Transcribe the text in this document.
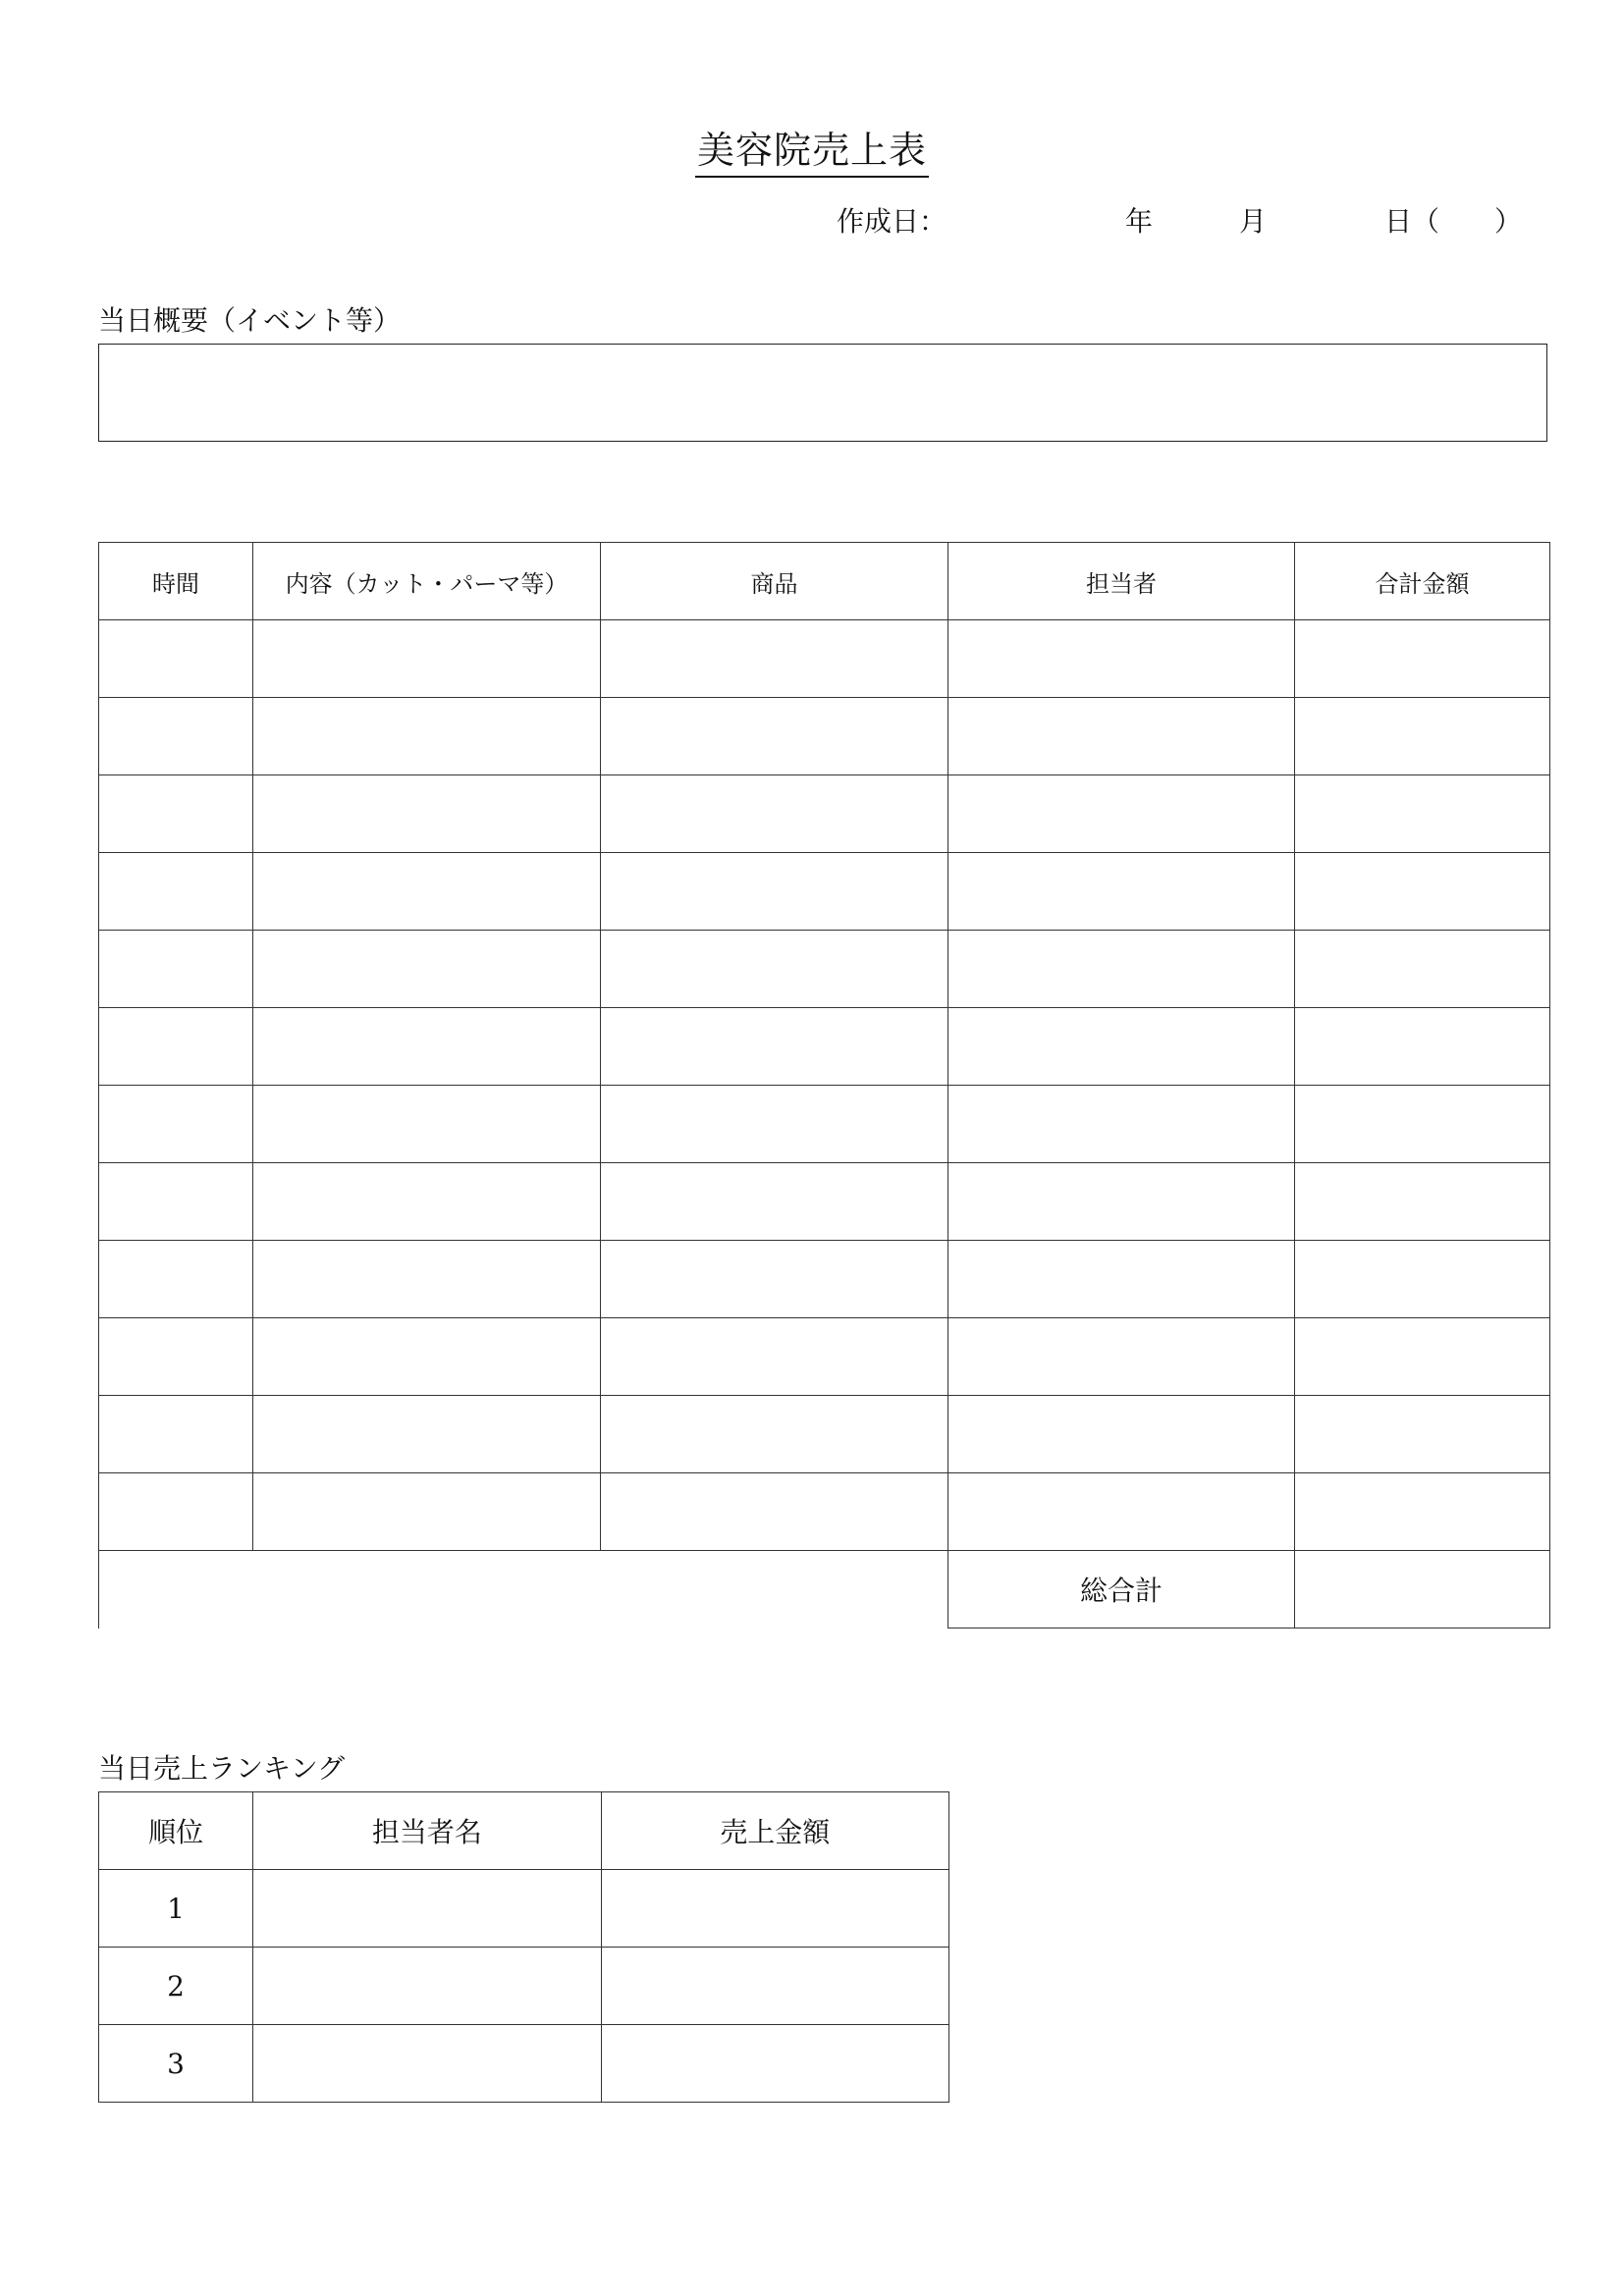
美容院売上表
作成日：	年	月	日（ ）
当日概要（イベント等）
時間	内容（カット・パーマ等）	商品	担当者	合計金額

			総合計	
当日売上ランキング
順位	担当者名	売上金額
1		
2		
3		
